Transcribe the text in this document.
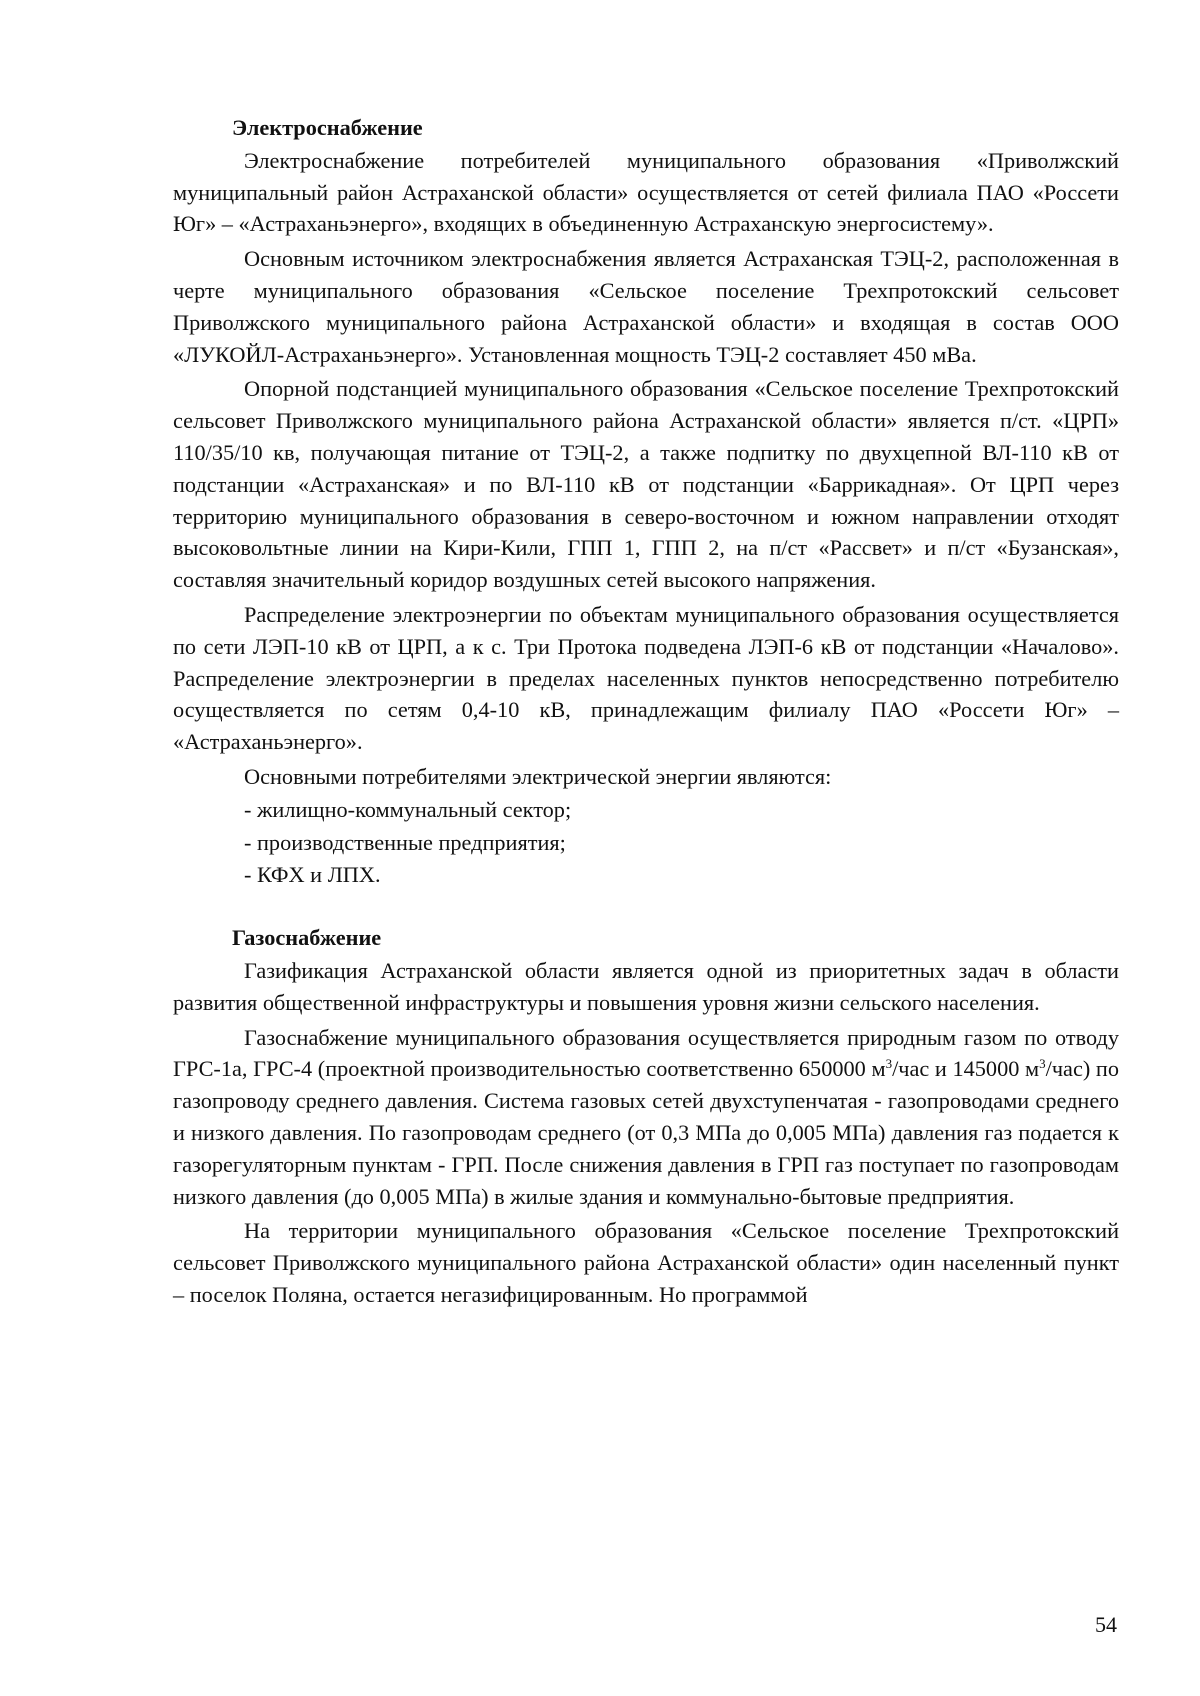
Электроснабжение

Электроснабжение потребителей муниципального образования «Приволжский муниципальный район Астраханской области» осуществляется от сетей филиала ПАО «Россети Юг» – «Астраханьэнерго», входящих в объединенную Астраханскую энергосистему».

Основным источником электроснабжения является Астраханская ТЭЦ-2, расположенная в черте муниципального образования «Сельское поселение Трехпротокский сельсовет Приволжского муниципального района Астраханской области» и входящая в состав ООО «ЛУКОЙЛ-Астраханьэнерго». Установленная мощность ТЭЦ-2 составляет 450 мВа.

Опорной подстанцией муниципального образования «Сельское поселение Трехпротокский сельсовет Приволжского муниципального района Астраханской области» является п/ст. «ЦРП» 110/35/10 кв, получающая питание от ТЭЦ-2, а также подпитку по двухцепной ВЛ-110 кВ от подстанции «Астраханская» и по ВЛ-110 кВ от подстанции «Баррикадная». От ЦРП через территорию муниципального образования в северо-восточном и южном направлении отходят высоковольтные линии на Кири-Кили, ГПП 1, ГПП 2, на п/ст «Рассвет» и п/ст «Бузанская», составляя значительный коридор воздушных сетей высокого напряжения.

Распределение электроэнергии по объектам муниципального образования осуществляется по сети ЛЭП-10 кВ от ЦРП, а к с. Три Протока подведена ЛЭП-6 кВ от подстанции «Началово». Распределение электроэнергии в пределах населенных пунктов непосредственно потребителю осуществляется по сетям 0,4-10 кВ, принадлежащим филиалу ПАО «Россети Юг» – «Астраханьэнерго».

Основными потребителями электрической энергии являются:

- жилищно-коммунальный сектор;
- производственные предприятия;
- КФХ и ЛПХ.
Газоснабжение

Газификация Астраханской области является одной из приоритетных задач в области развития общественной инфраструктуры и повышения уровня жизни сельского населения.

Газоснабжение муниципального образования осуществляется природным газом по отводу ГРС-1а, ГРС-4 (проектной производительностью соответственно 650000 $м^3$/час и 145000 $м^3/час$) по газопроводу среднего давления. Система газовых сетей двухступенчатая - газопроводами среднего и низкого давления. По газопроводам среднего (от 0,3 МПа до 0,005 МПа) давления газ подается к газорегуляторным пунктам - ГРП. После снижения давления в ГРП газ поступает по газопроводам низкого давления (до 0,005 МПа) в жилые здания и коммунально-бытовые предприятия.

На территории муниципального образования «Сельское поселение Трехпротокский сельсовет Приволжского муниципального района Астраханской области» один населенный пункт – поселок Поляна, остается негазифицированным. Но программой

54
